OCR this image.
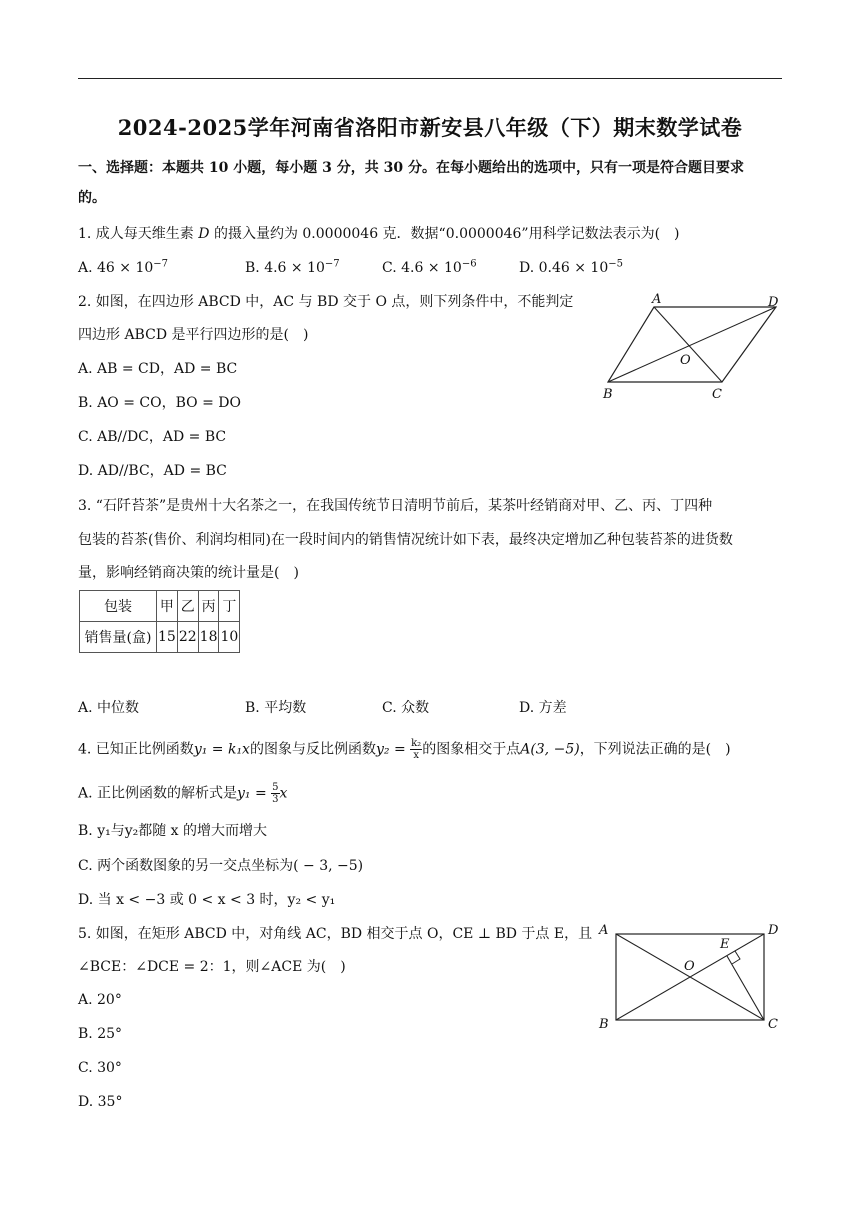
2024-2025学年河南省洛阳市新安县八年级（下）期末数学试卷
一、选择题：本题共 10 小题，每小题 3 分，共 30 分。在每小题给出的选项中，只有一项是符合题目要求
的。
1. 成人每天维生素 D 的摄入量约为 0.0000046 克．数据“0.0000046”用科学记数法表示为(　)
A. $46 \times 10^{-7}$	B. $4.6 \times 10^{-7}$	C. $4.6 \times 10^{-6}$	D. $0.46 \times 10^{-5}$
2. 如图，在四边形 ABCD 中，AC 与 BD 交于 O 点，则下列条件中，不能判定
四边形 ABCD 是平行四边形的是(　)
A. AB = CD，AD = BC
B. AO = CO，BO = DO
C. AB//DC，AD = BC
D. AD//BC，AD = BC
A	D
O
B	C
3. “石阡苔茶”是贵州十大名茶之一，在我国传统节日清明节前后，某茶叶经销商对甲、乙、丙、丁四种
包装的苔茶(售价、利润均相同)在一段时间内的销售情况统计如下表，最终决定增加乙种包装苔茶的进货数
量，影响经销商决策的统计量是(　)
包装	甲	乙	丙	丁
销售量(盒)	15	22	18	10
A. 中位数	B. 平均数	C. 众数	D. 方差
4. 已知正比例函数y₁ = k₁x的图象与反比例函数$y_2 = \frac{\text{k₂}}{x}$ 的图象相交于点A(3, −5)，下列说法正确的是(　)
A. 正比例函数的解析式是$y_1 = \frac{5}{3}$ x
B. y₁与y₂都随 x 的增大而增大
C. 两个函数图象的另一交点坐标为( − 3, −5)
D. 当 x < −3 或 0 < x < 3 时，y₂ < y₁
5. 如图，在矩形 ABCD 中，对角线 AC，BD 相交于点 O，CE ⊥ BD 于点 E，且
∠BCE：∠DCE = 2：1，则∠ACE 为(　)
A. 20°
B. 25°
C. 30°
D. 35°
A	D
E
O
B	C
